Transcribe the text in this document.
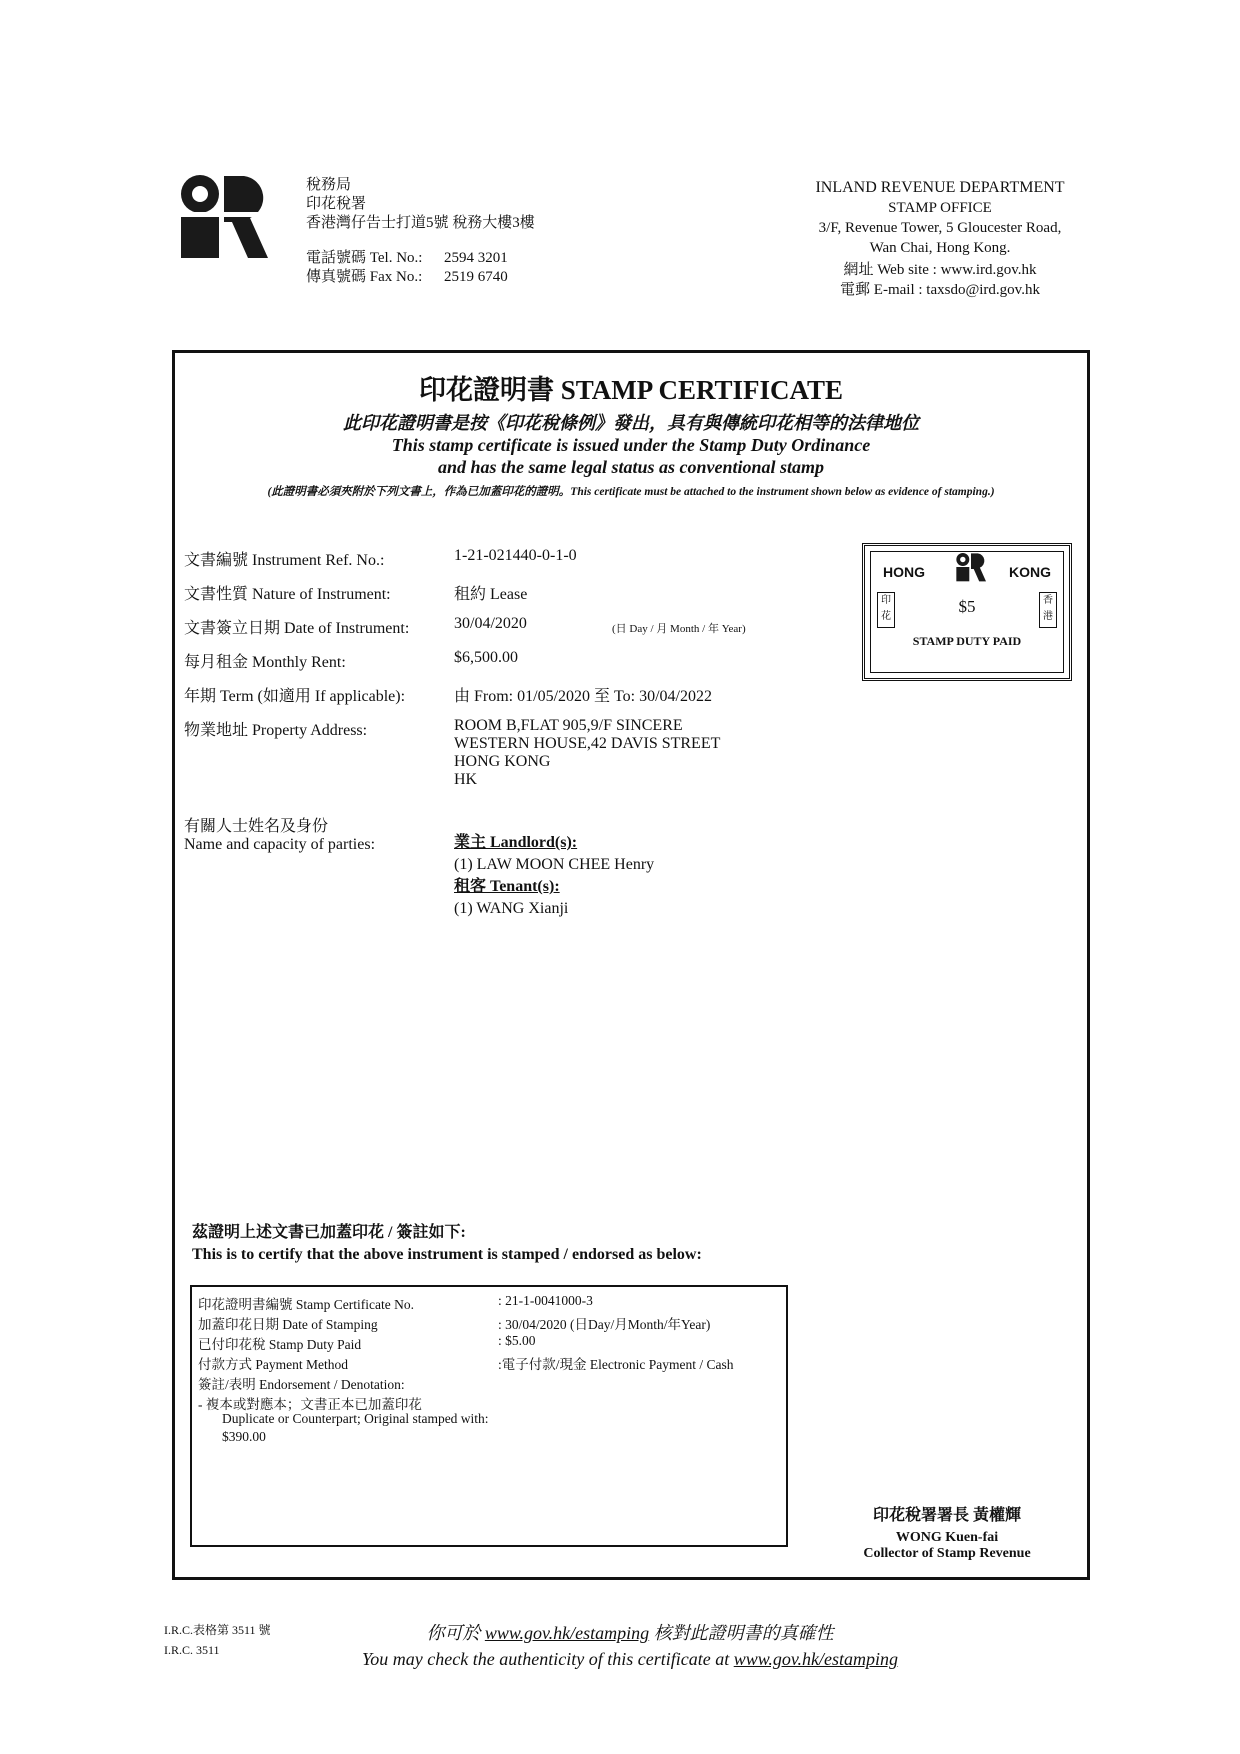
稅務局
印花稅署
香港灣仔告士打道5號 稅務大樓3樓
電話號碼 Tel. No.: 2594 3201
傳真號碼 Fax No.: 2519 6740
INLAND REVENUE DEPARTMENT
STAMP OFFICE
3/F, Revenue Tower, 5 Gloucester Road,
Wan Chai, Hong Kong.
網址 Web site : www.ird.gov.hk
電郵 E-mail : taxsdo@ird.gov.hk
印花證明書 STAMP CERTIFICATE
此印花證明書是按《印花稅條例》發出，具有與傳統印花相等的法律地位
This stamp certificate is issued under the Stamp Duty Ordinance
and has the same legal status as conventional stamp
(此證明書必須夾附於下列文書上，作為已加蓋印花的證明。This certificate must be attached to the instrument shown below as evidence of stamping.)
文書編號 Instrument Ref. No.:	1-21-021440-0-1-0
文書性質 Nature of Instrument:	租約 Lease
文書簽立日期 Date of Instrument:	30/04/2020	(日 Day / 月 Month / 年 Year)
每月租金 Monthly Rent:	$6,500.00
年期 Term (如適用 If applicable):	由 From: 01/05/2020 至 To: 30/04/2022
物業地址 Property Address:	ROOM B,FLAT 905,9/F SINCERE
WESTERN HOUSE,42 DAVIS STREET
HONG KONG
HK
有關人士姓名及身份
Name and capacity of parties:	業主 Landlord(s):
(1) LAW MOON CHEE Henry
租客 Tenant(s):
(1) WANG Xianji
HONG	KONG
印花
香港
$5
STAMP DUTY PAID
茲證明上述文書已加蓋印花 / 簽註如下:
This is to certify that the above instrument is stamped / endorsed as below:
印花證明書編號 Stamp Certificate No.	: 21-1-0041000-3
加蓋印花日期 Date of Stamping	: 30/04/2020 (日Day/月Month/年Year)
已付印花稅 Stamp Duty Paid	: $5.00
付款方式 Payment Method	:電子付款/現金 Electronic Payment / Cash
簽註/表明 Endorsement / Denotation:
- 複本或對應本；文書正本已加蓋印花
Duplicate or Counterpart; Original stamped with:
$390.00
印花稅署署長 黃權輝
WONG Kuen-fai
Collector of Stamp Revenue
I.R.C.表格第 3511 號
I.R.C. 3511
你可於 www.gov.hk/estamping 核對此證明書的真確性
You may check the authenticity of this certificate at www.gov.hk/estamping
